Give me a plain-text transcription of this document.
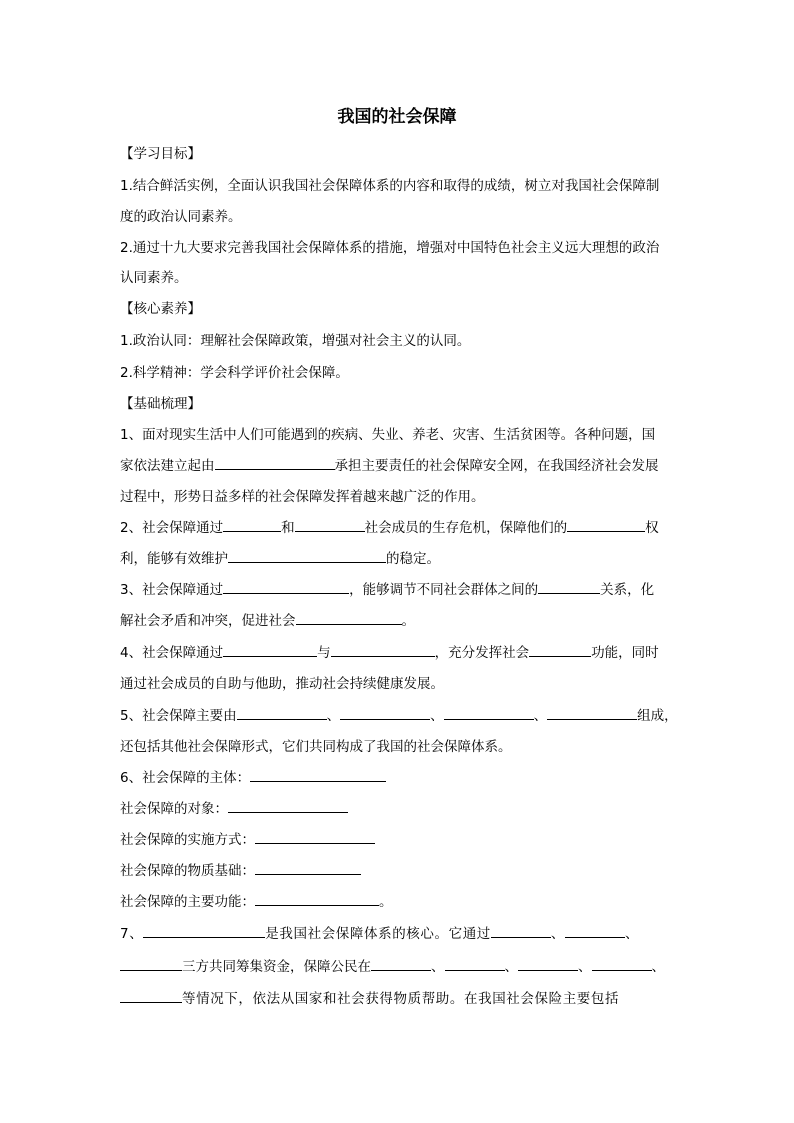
我国的社会保障
【学习目标】
1.结合鲜活实例，全面认识我国社会保障体系的内容和取得的成绩，树立对我国社会保障制
度的政治认同素养。
2.通过十九大要求完善我国社会保障体系的措施，增强对中国特色社会主义远大理想的政治
认同素养。
【核心素养】
1.政治认同：理解社会保障政策，增强对社会主义的认同。
2.科学精神：学会科学评价社会保障。
【基础梳理】
1、面对现实生活中人们可能遇到的疾病、失业、养老、灾害、生活贫困等。各种问题，国
家依法建立起由	承担主要责任的社会保障安全网，在我国经济社会发展
过程中，形势日益多样的社会保障发挥着越来越广泛的作用。
2、社会保障通过	和	社会成员的生存危机，保障他们的	权
利，能够有效维护	的稳定。
3、社会保障通过	，能够调节不同社会群体之间的	关系，化
解社会矛盾和冲突，促进社会	。
4、社会保障通过	与	，充分发挥社会	功能，同时
通过社会成员的自助与他助，推动社会持续健康发展。
5、社会保障主要由	、	、	、	组成，
还包括其他社会保障形式，它们共同构成了我国的社会保障体系。
6、社会保障的主体：
社会保障的对象：
社会保障的实施方式：
社会保障的物质基础：
社会保障的主要功能：	。
7、	是我国社会保障体系的核心。它通过	、	、
三方共同筹集资金，保障公民在	、	、	、	、
等情况下，依法从国家和社会获得物质帮助。在我国社会保险主要包括
